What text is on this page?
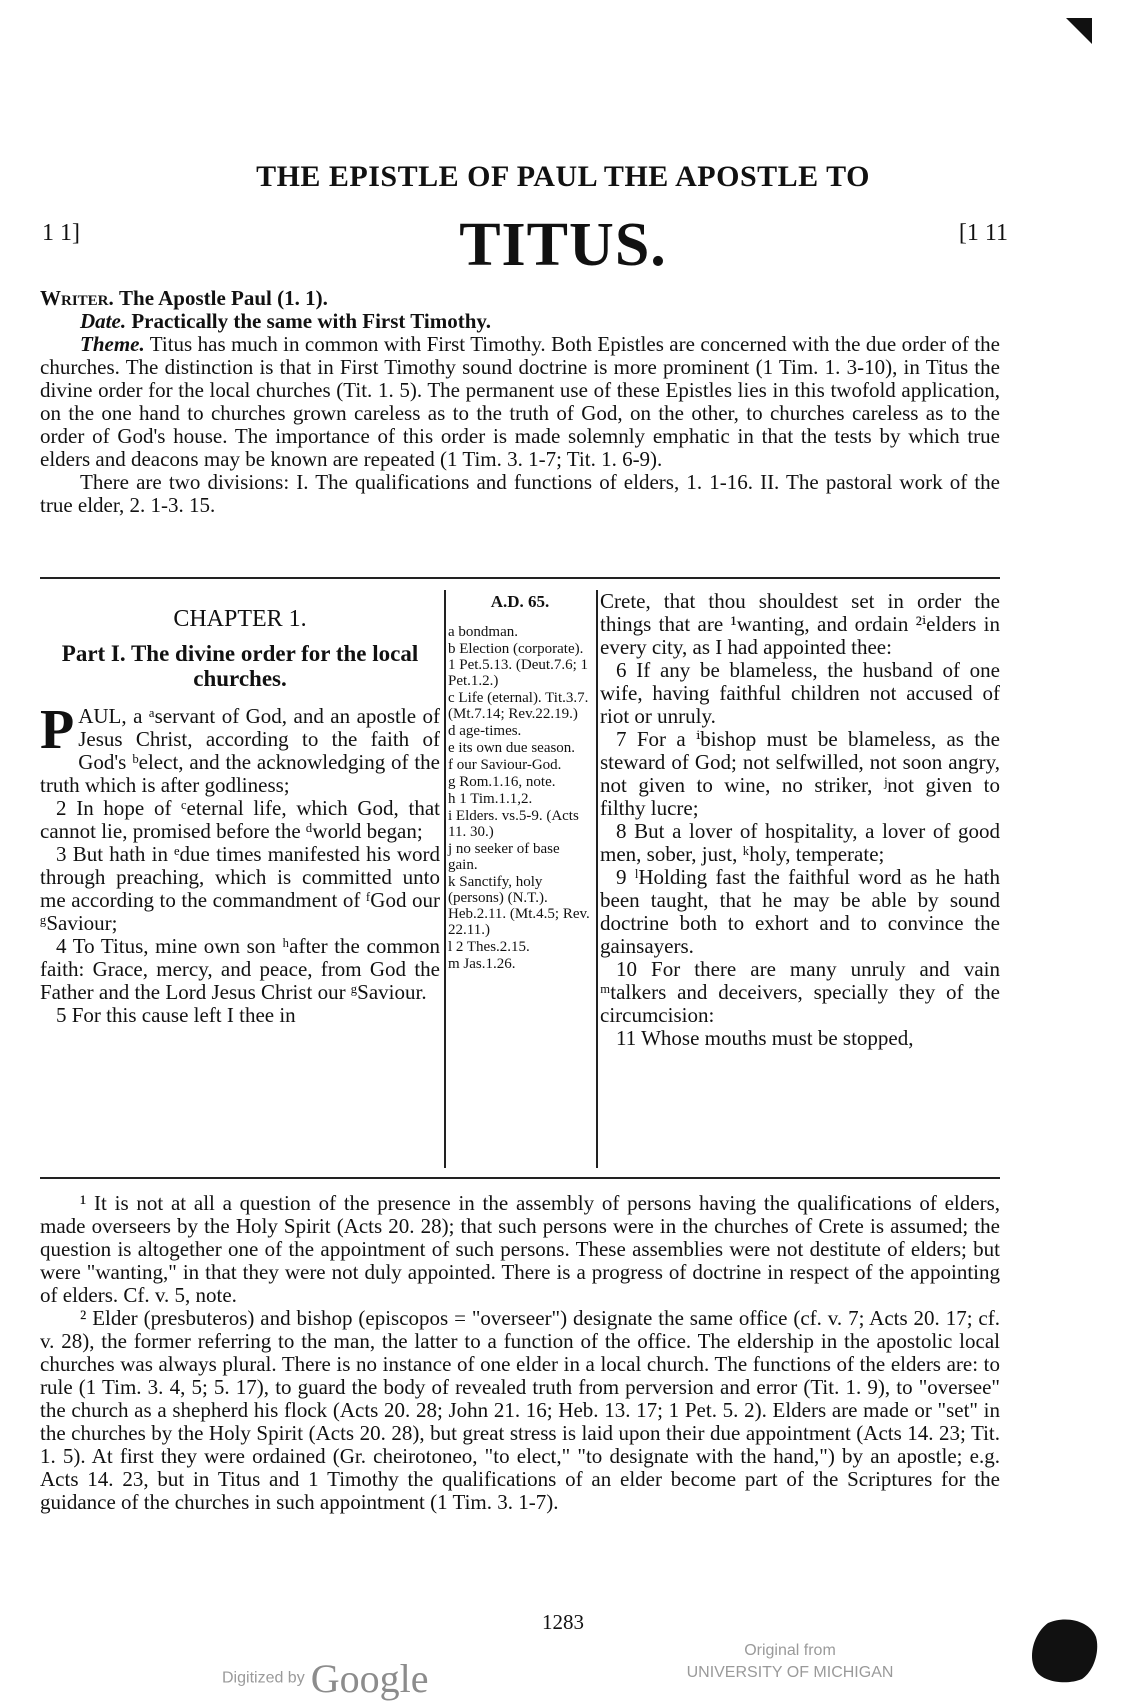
THE EPISTLE OF PAUL THE APOSTLE TO
1 1]	TITUS.	[1 11

Writer. The Apostle Paul (1. 1).

Date. Practically the same with First Timothy.

Theme. Titus has much in common with First Timothy. Both Epistles are concerned with the due order of the churches. The distinction is that in First Timothy sound doctrine is more prominent (1 Tim. 1. 3-10), in Titus the divine order for the local churches (Tit. 1. 5). The permanent use of these Epistles lies in this twofold application, on the one hand to churches grown careless as to the truth of God, on the other, to churches careless as to the order of God's house. The importance of this order is made solemnly emphatic in that the tests by which true elders and deacons may be known are repeated (1 Tim. 3. 1-7; Tit. 1. 6-9).

There are two divisions: I. The qualifications and functions of elders, 1. 1-16. II. The pastoral work of the true elder, 2. 1-3. 15.

CHAPTER 1.
Part I. The divine order for the local churches.

PAUL, a ᵃservant of God, and an apostle of Jesus Christ, according to the faith of God's ᵇelect, and the acknowledging of the truth which is after godliness;

2 In hope of ᶜeternal life, which God, that cannot lie, promised before the ᵈworld began;

3 But hath in ᵉdue times manifested his word through preaching, which is committed unto me according to the commandment of ᶠGod our ᵍSaviour;

4 To Titus, mine own son ʰafter the common faith: Grace, mercy, and peace, from God the Father and the Lord Jesus Christ our ᵍSaviour.

5 For this cause left I thee in

A.D. 65.
a bondman.
b Election (corporate). 1 Pet.5.13. (Deut.7.6; 1 Pet.1.2.)
c Life (eternal). Tit.3.7. (Mt.7.14; Rev.22.19.)
d age-times.
e its own due season.
f our Saviour-God.
g Rom.1.16, note.
h 1 Tim.1.1,2.
i Elders. vs.5-9. (Acts 11. 30.)
j no seeker of base gain.
k Sanctify, holy (persons) (N.T.). Heb.2.11. (Mt.4.5; Rev. 22.11.)
l 2 Thes.2.15.
m Jas.1.26.

Crete, that thou shouldest set in order the things that are ¹wanting, and ordain ²ⁱelders in every city, as I had appointed thee:

6 If any be blameless, the husband of one wife, having faithful children not accused of riot or unruly.

7 For a ⁱbishop must be blameless, as the steward of God; not selfwilled, not soon angry, not given to wine, no striker, ʲnot given to filthy lucre;

8 But a lover of hospitality, a lover of good men, sober, just, ᵏholy, temperate;

9 ˡHolding fast the faithful word as he hath been taught, that he may be able by sound doctrine both to exhort and to convince the gainsayers.

10 For there are many unruly and vain ᵐtalkers and deceivers, specially they of the circumcision:

11 Whose mouths must be stopped,

¹ It is not at all a question of the presence in the assembly of persons having the qualifications of elders, made overseers by the Holy Spirit (Acts 20. 28); that such persons were in the churches of Crete is assumed; the question is altogether one of the appointment of such persons. These assemblies were not destitute of elders; but were "wanting," in that they were not duly appointed. There is a progress of doctrine in respect of the appointing of elders. Cf. v. 5, note.

² Elder (presbuteros) and bishop (episcopos = "overseer") designate the same office (cf. v. 7; Acts 20. 17; cf. v. 28), the former referring to the man, the latter to a function of the office. The eldership in the apostolic local churches was always plural. There is no instance of one elder in a local church. The functions of the elders are: to rule (1 Tim. 3. 4, 5; 5. 17), to guard the body of revealed truth from perversion and error (Tit. 1. 9), to "oversee" the church as a shepherd his flock (Acts 20. 28; John 21. 16; Heb. 13. 17; 1 Pet. 5. 2). Elders are made or "set" in the churches by the Holy Spirit (Acts 20. 28), but great stress is laid upon their due appointment (Acts 14. 23; Tit. 1. 5). At first they were ordained (Gr. cheirotoneo, "to elect," "to designate with the hand,") by an apostle; e.g. Acts 14. 23, but in Titus and 1 Timothy the qualifications of an elder become part of the Scriptures for the guidance of the churches in such appointment (1 Tim. 3. 1-7).

1283
Digitized by Google
Original from
UNIVERSITY OF MICHIGAN
